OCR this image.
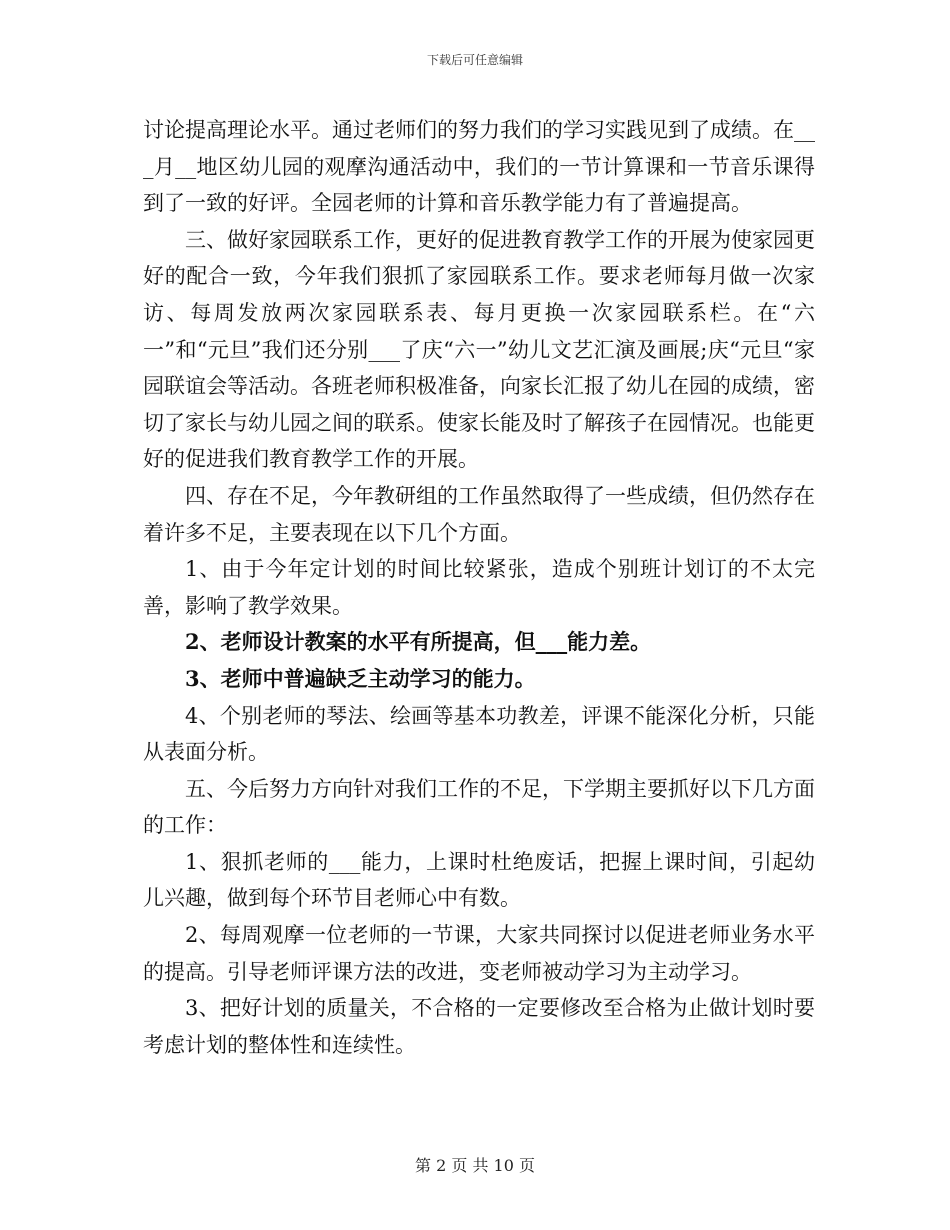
下载后可任意编辑

讨论提高理论水平。通过老师们的努力我们的学习实践见到了成绩。在___月__地区幼儿园的观摩沟通活动中，我们的一节计算课和一节音乐课得到了一致的好评。全园老师的计算和音乐教学能力有了普遍提高。

三、做好家园联系工作，更好的促进教育教学工作的开展为使家园更好的配合一致，今年我们狠抓了家园联系工作。要求老师每月做一次家访、每周发放两次家园联系表、每月更换一次家园联系栏。在“六一”和“元旦”我们还分别___了庆“六一”幼儿文艺汇演及画展;庆“元旦“家园联谊会等活动。各班老师积极准备，向家长汇报了幼儿在园的成绩，密切了家长与幼儿园之间的联系。使家长能及时了解孩子在园情况。也能更好的促进我们教育教学工作的开展。

四、存在不足，今年教研组的工作虽然取得了一些成绩，但仍然存在着许多不足，主要表现在以下几个方面。

1、由于今年定计划的时间比较紧张，造成个别班计划订的不太完善，影响了教学效果。

2、老师设计教案的水平有所提高，但___能力差。

3、老师中普遍缺乏主动学习的能力。

4、个别老师的琴法、绘画等基本功教差，评课不能深化分析，只能从表面分析。

五、今后努力方向针对我们工作的不足，下学期主要抓好以下几方面的工作：

1、狠抓老师的___能力，上课时杜绝废话，把握上课时间，引起幼儿兴趣，做到每个环节目老师心中有数。

2、每周观摩一位老师的一节课，大家共同探讨以促进老师业务水平的提高。引导老师评课方法的改进，变老师被动学习为主动学习。

3、把好计划的质量关，不合格的一定要修改至合格为止做计划时要考虑计划的整体性和连续性。

第 2 页 共 10 页
